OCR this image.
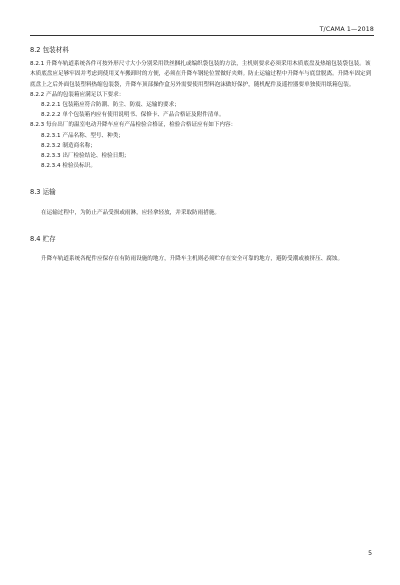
T/CAMA 1—2018

8.2 包装材料

8.2.1 升降车轨道系统各件可按外形尺寸大小分别采用铁丝捆扎或编织袋包装的方法，主机则要求必须采用木质底盘及热缩包装袋包装。该木质底盘应足够牢固并考虑到使用叉车搬卸时的方便，必须在升降车钢轮位置做好夹辫。防止运输过程中升降车与底盘脱离。升降车固定到底盘上之后外面包装塑料热缩包装袋，升降车顶部操作盒另外需要使用塑料泡沫做好保护，随机配件及遥控器要单独使用纸箱包装。

8.2.2 产品的包装箱应满足以下要求：

8.2.2.1 包装箱应符合防潮、防尘、防震、运输的要求；

8.2.2.2 单个包装箱内应有使用说明书、保修卡、产品合格证及附件清单。

8.2.3 每台出厂的温室电动升降车应有产品检验合格证，检验合格证应有如下内容：

8.2.3.1 产品名称、型号、种类；

8.2.3.2 制造商名称；

8.2.3.3 出厂检验结论、检验日期；

8.2.3.4 检验员标识。

8.3 运输

在运输过程中，为防止产品受损或雨淋，应轻拿轻放，并采取防雨措施。

8.4 贮存

升降车轨道系统各配件应保存在有防雨设施的地方，升降车主机则必须贮存在安全可靠的地方，避防受潮或被挤压、腐蚀。

5
